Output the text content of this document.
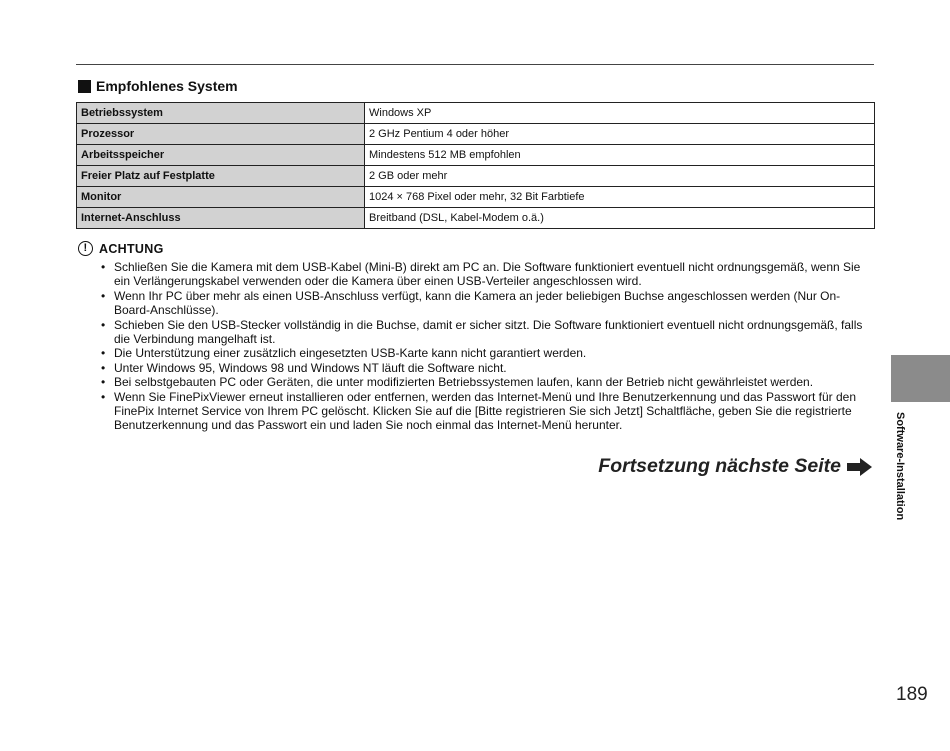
Empfohlenes System
Betriebssystem	Windows XP
Prozessor	2 GHz Pentium 4 oder höher
Arbeitsspeicher	Mindestens 512 MB empfohlen
Freier Platz auf Festplatte	2 GB oder mehr
Monitor	1024 × 768 Pixel oder mehr, 32 Bit Farbtiefe
Internet-Anschluss	Breitband (DSL, Kabel-Modem o.ä.)
! ACHTUNG
• Schließen Sie die Kamera mit dem USB-Kabel (Mini-B) direkt am PC an. Die Software funktioniert eventuell nicht ordnungsgemäß, wenn Sie ein Verlängerungskabel verwenden oder die Kamera über einen USB-Verteiler angeschlossen wird.
• Wenn Ihr PC über mehr als einen USB-Anschluss verfügt, kann die Kamera an jeder beliebigen Buchse angeschlossen werden (Nur On-Board-Anschlüsse).
• Schieben Sie den USB-Stecker vollständig in die Buchse, damit er sicher sitzt. Die Software funktioniert eventuell nicht ordnungsgemäß, falls die Verbindung mangelhaft ist.
• Die Unterstützung einer zusätzlich eingesetzten USB-Karte kann nicht garantiert werden.
• Unter Windows 95, Windows 98 und Windows NT läuft die Software nicht.
• Bei selbstgebauten PC oder Geräten, die unter modifizierten Betriebssystemen laufen, kann der Betrieb nicht gewährleistet werden.
• Wenn Sie FinePixViewer erneut installieren oder entfernen, werden das Internet-Menü und Ihre Benutzerkennung und das Passwort für den FinePix Internet Service von Ihrem PC gelöscht. Klicken Sie auf die [Bitte registrieren Sie sich Jetzt] Schaltfläche, geben Sie die registrierte Benutzerkennung und das Passwort ein und laden Sie noch einmal das Internet-Menü herunter.
Fortsetzung nächste Seite	Software-Installation
189
